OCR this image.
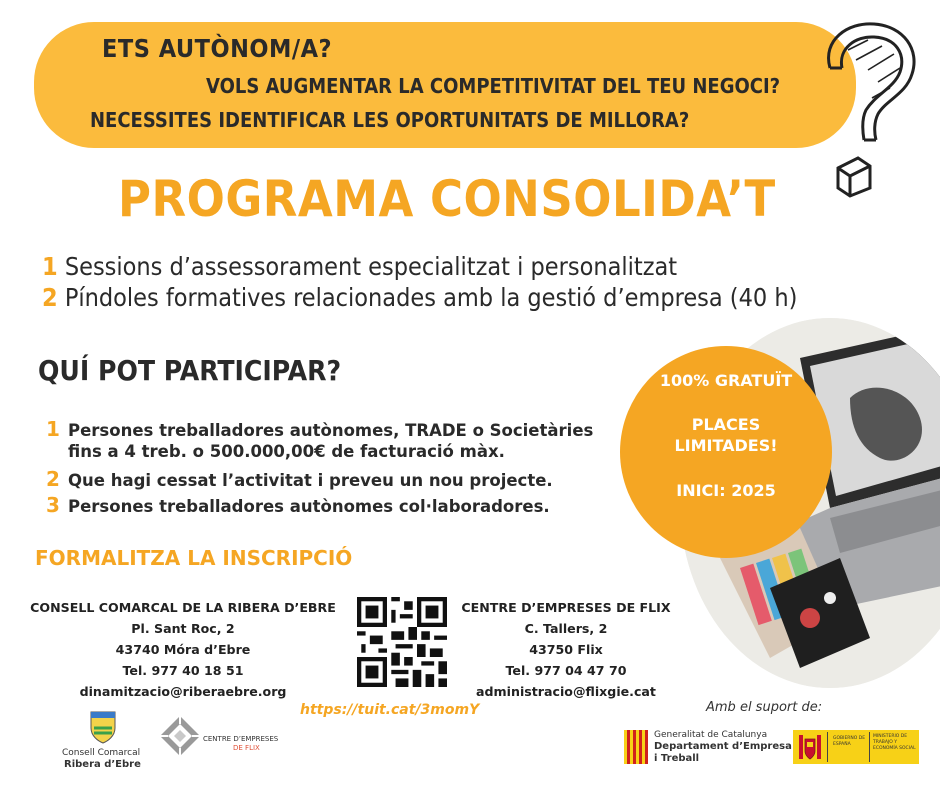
ETS AUTÒNOM/A?
VOLS AUGMENTAR LA COMPETITIVITAT DEL TEU NEGOCI?
NECESSITES IDENTIFICAR LES OPORTUNITATS DE MILLORA?
PROGRAMA CONSOLIDA’T
1 Sessions d’assessorament especialitzat i personalitzat
2 Píndoles formatives relacionades amb la gestió d’empresa (40 h)
QUÍ POT PARTICIPAR?
1 Persones treballadores autònomes, TRADE o Societàries
fins a 4 treb. o 500.000,00€ de facturació màx.
2 Que hagi cessat l’activitat i preveu un nou projecte.
3 Persones treballadores autònomes col·laboradores.
100% GRATUÏT
PLACES
LIMITADES!
INICI: 2025
FORMALITZA LA INSCRIPCIÓ
CONSELL COMARCAL DE LA RIBERA D’EBRE
Pl. Sant Roc, 2
43740 Móra d’Ebre
Tel. 977 40 18 51
dinamitzacio@riberaebre.org
CENTRE D’EMPRESES DE FLIX
C. Tallers, 2
43750 Flix
Tel. 977 04 47 70
administracio@flixgie.cat
https://tuit.cat/3momY	Amb el suport de:
Consell Comarcal
Ribera d’Ebre
CENTRE D’EMPRESES
DE FLIX
Generalitat de Catalunya
Departament d’Empresa
i Treball
GOBIERNO DE ESPAÑA
MINISTERIO DE TRABAJO Y ECONOMÍA SOCIAL
